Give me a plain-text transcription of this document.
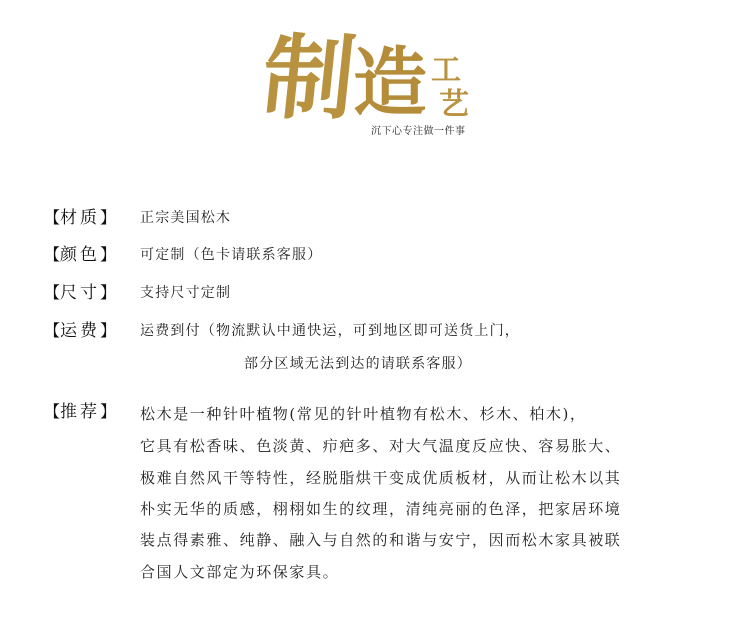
制
造 工
艺
沉下心专注做一件事
【材质】 正宗美国松木
【颜色】 可定制（色卡请联系客服）
【尺寸】 支持尺寸定制
【运费】 运费到付（物流默认中通快运，可到地区即可送货上门，
部分区域无法到达的请联系客服）
【推荐】 松木是一种针叶植物(常见的针叶植物有松木、杉木、柏木)，
它具有松香味、色淡黄、疖疤多、对大气温度反应快、容易胀大、
极难自然风干等特性，经脱脂烘干变成优质板材，从而让松木以其
朴实无华的质感，栩栩如生的纹理，清纯亮丽的色泽，把家居环境
装点得素雅、纯静、融入与自然的和谐与安宁，因而松木家具被联
合国人文部定为环保家具。
